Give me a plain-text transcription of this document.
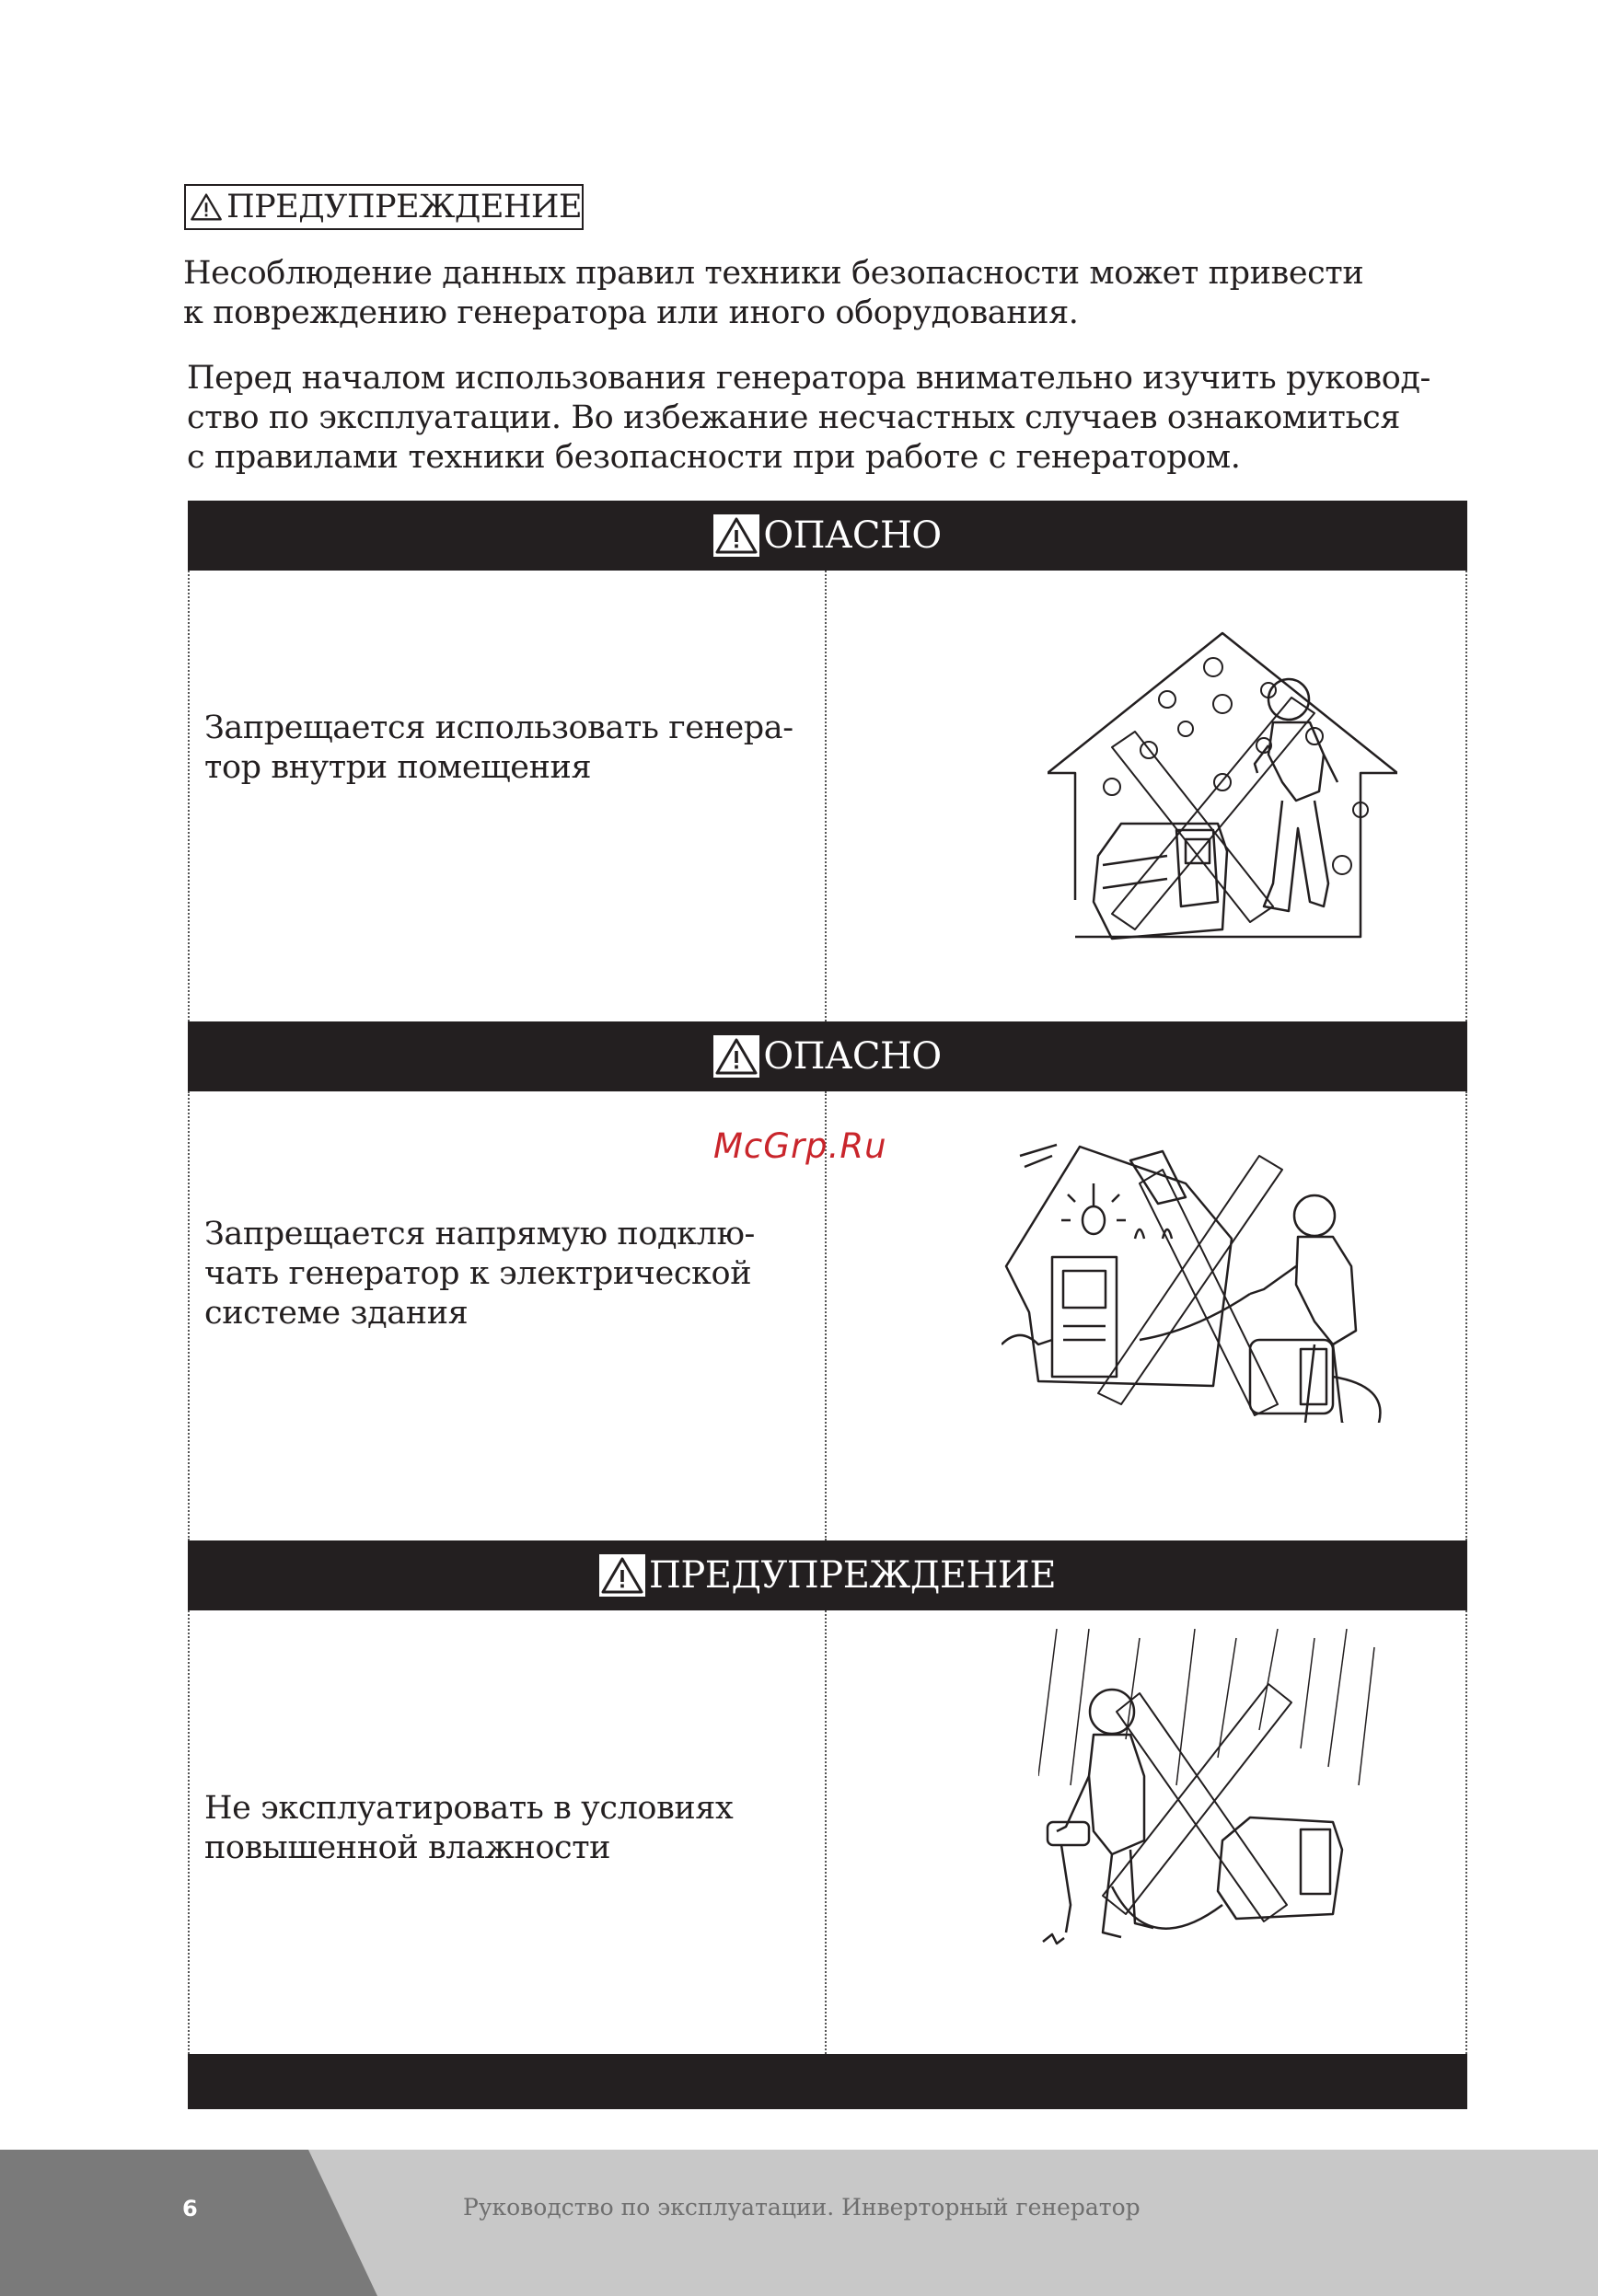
ПРЕДУПРЕЖДЕНИЕ

Несоблюдение данных правил техники безопасности может привести
к повреждению генератора или иного оборудования.

Перед началом использования генератора внимательно изучить руковод-
ство по эксплуатации. Во избежание несчастных случаев ознакомиться
с правилами техники безопасности при работе с генератором.

ОПАСНО

Запрещается использовать генера-
тор внутри помещения

ОПАСНО

Запрещается напрямую подклю-
чать генератор к электрической
системе здания

ПРЕДУПРЕЖДЕНИЕ

Не эксплуатировать в условиях
повышенной влажности

McGrp.Ru
6	Руководство по эксплуатации. Инверторный генератор
